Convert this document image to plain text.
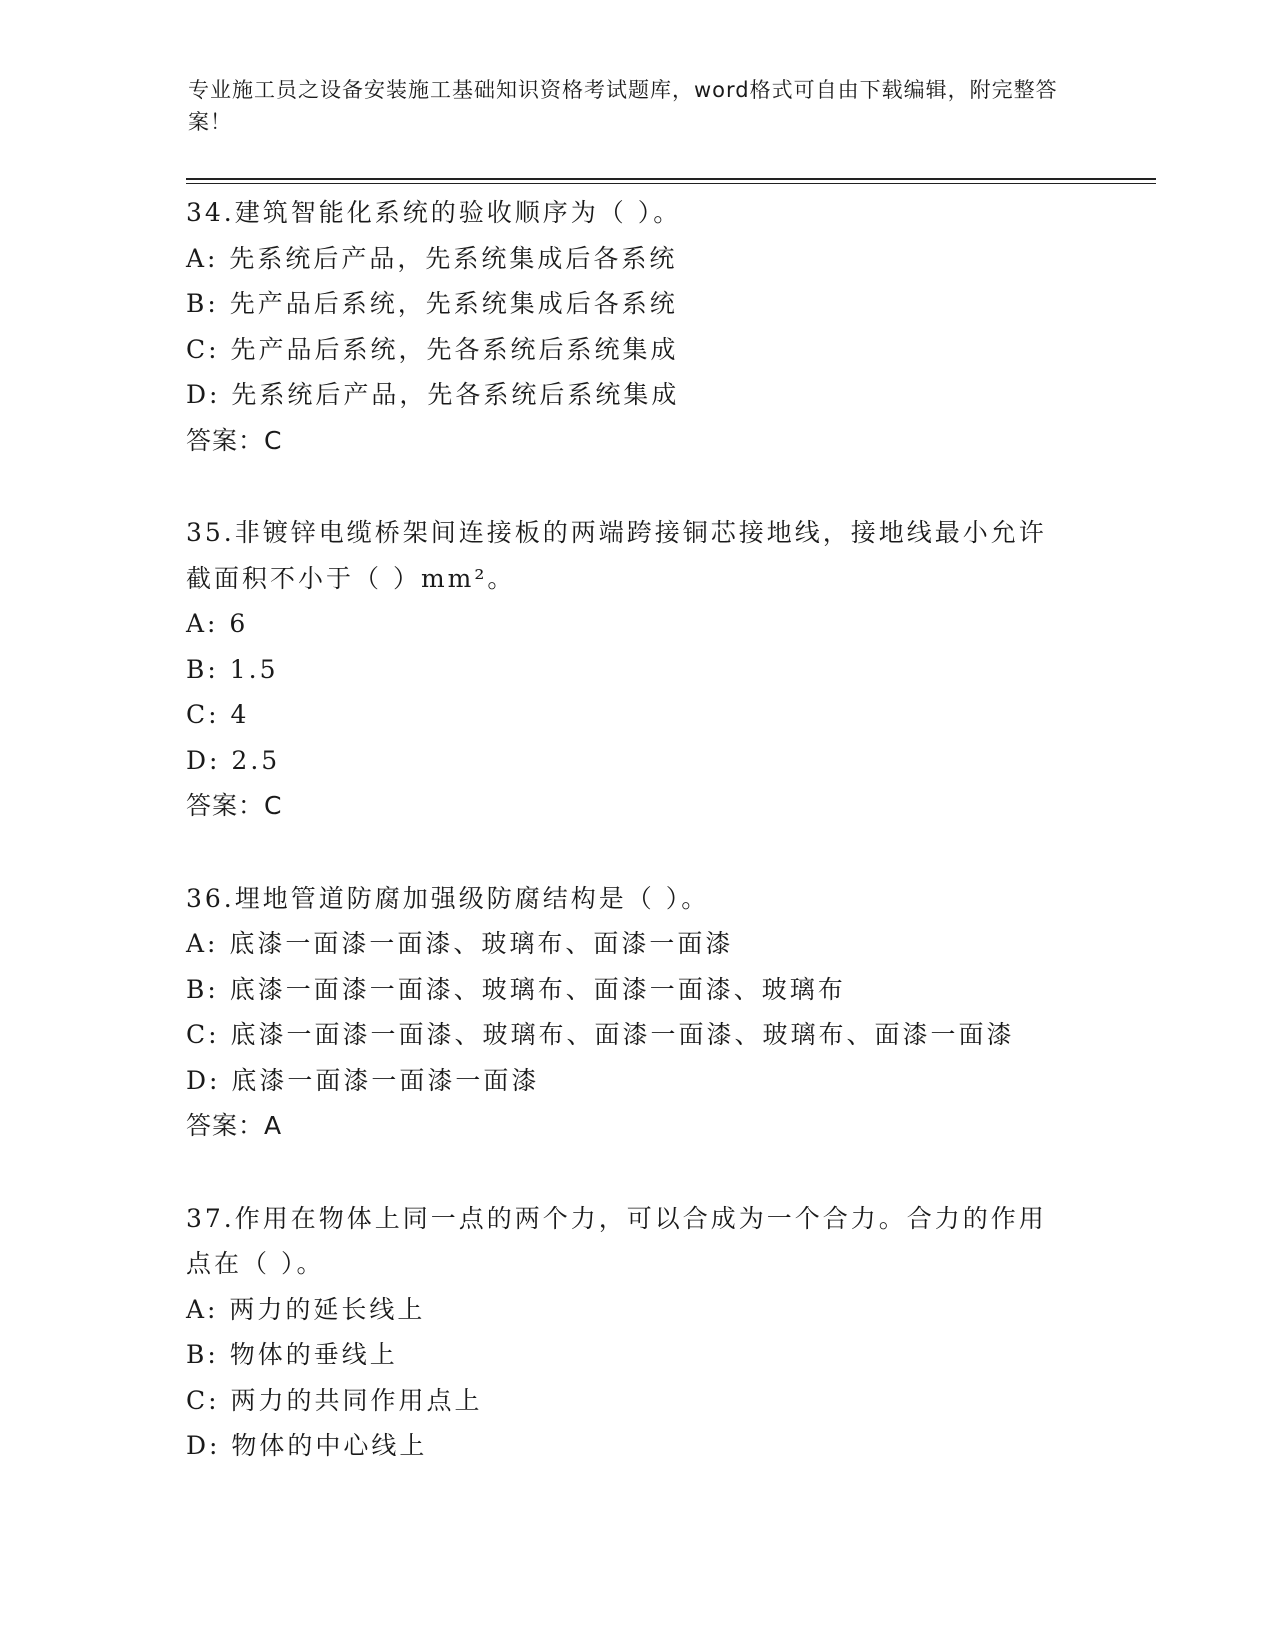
专业施工员之设备安装施工基础知识资格考试题库，word格式可自由下载编辑，附完整答案！
34.建筑智能化系统的验收顺序为（ ）。
A: 先系统后产品，先系统集成后各系统
B: 先产品后系统，先系统集成后各系统
C: 先产品后系统，先各系统后系统集成
D: 先系统后产品，先各系统后系统集成
答案：C
35.非镀锌电缆桥架间连接板的两端跨接铜芯接地线，接地线最小允许截面积不小于（ ）mm²。
A: 6
B: 1.5
C: 4
D: 2.5
答案：C
36.埋地管道防腐加强级防腐结构是（ ）。
A: 底漆一面漆一面漆、玻璃布、面漆一面漆
B: 底漆一面漆一面漆、玻璃布、面漆一面漆、玻璃布
C: 底漆一面漆一面漆、玻璃布、面漆一面漆、玻璃布、面漆一面漆
D: 底漆一面漆一面漆一面漆
答案：A
37.作用在物体上同一点的两个力，可以合成为一个合力。合力的作用点在（ ）。
A: 两力的延长线上
B: 物体的垂线上
C: 两力的共同作用点上
D: 物体的中心线上
